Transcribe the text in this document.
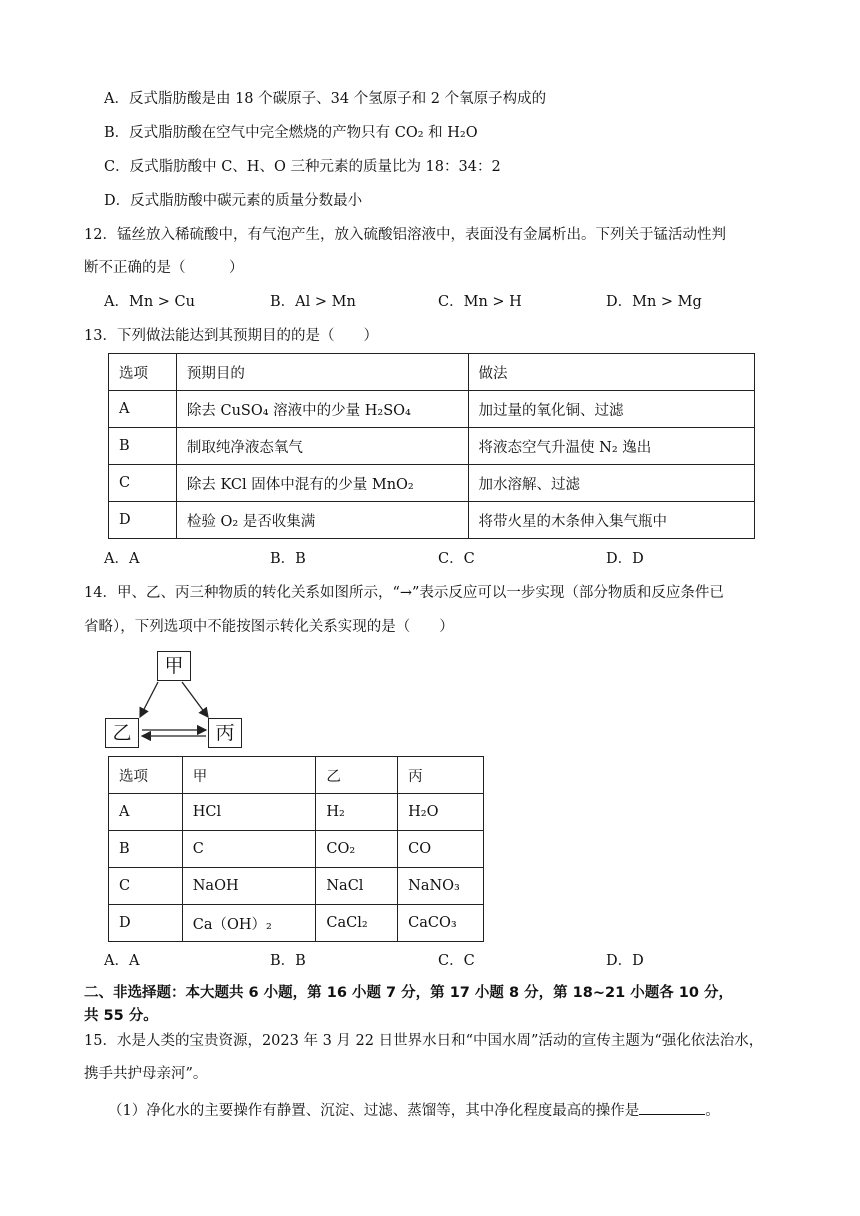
A．反式脂肪酸是由 18 个碳原子、34 个氢原子和 2 个氧原子构成的
B．反式脂肪酸在空气中完全燃烧的产物只有 CO₂ 和 H₂O
C．反式脂肪酸中 C、H、O 三种元素的质量比为 18：34：2
D．反式脂肪酸中碳元素的质量分数最小
12．锰丝放入稀硫酸中，有气泡产生，放入硫酸铝溶液中，表面没有金属析出。下列关于锰活动性判
断不正确的是（　　　）
A．Mn > Cu	B．Al > Mn	C．Mn > H	D．Mn > Mg
13．下列做法能达到其预期目的的是（　　）
选项	预期目的	做法
A	除去 CuSO₄ 溶液中的少量 H₂SO₄	加过量的氧化铜、过滤
B	制取纯净液态氧气	将液态空气升温使 N₂ 逸出
C	除去 KCl 固体中混有的少量 MnO₂	加水溶解、过滤
D	检验 O₂ 是否收集满	将带火星的木条伸入集气瓶中
A．A	B．B	C．C	D．D
14．甲、乙、丙三种物质的转化关系如图所示，“→”表示反应可以一步实现（部分物质和反应条件已
省略），下列选项中不能按图示转化关系实现的是（　　）
甲
乙	丙
选项	甲	乙	丙
A	HCl	H₂	H₂O
B	C	CO₂	CO
C	NaOH	NaCl	NaNO₃
D	Ca（OH）₂	CaCl₂	CaCO₃
A．A	B．B	C．C	D．D
二、非选择题：本大题共 6 小题，第 16 小题 7 分，第 17 小题 8 分，第 18~21 小题各 10 分，
共 55 分。
15．水是人类的宝贵资源，2023 年 3 月 22 日世界水日和“中国水周”活动的宣传主题为“强化依法治水，
携手共护母亲河”。
（1）净化水的主要操作有静置、沉淀、过滤、蒸馏等，其中净化程度最高的操作是	。
